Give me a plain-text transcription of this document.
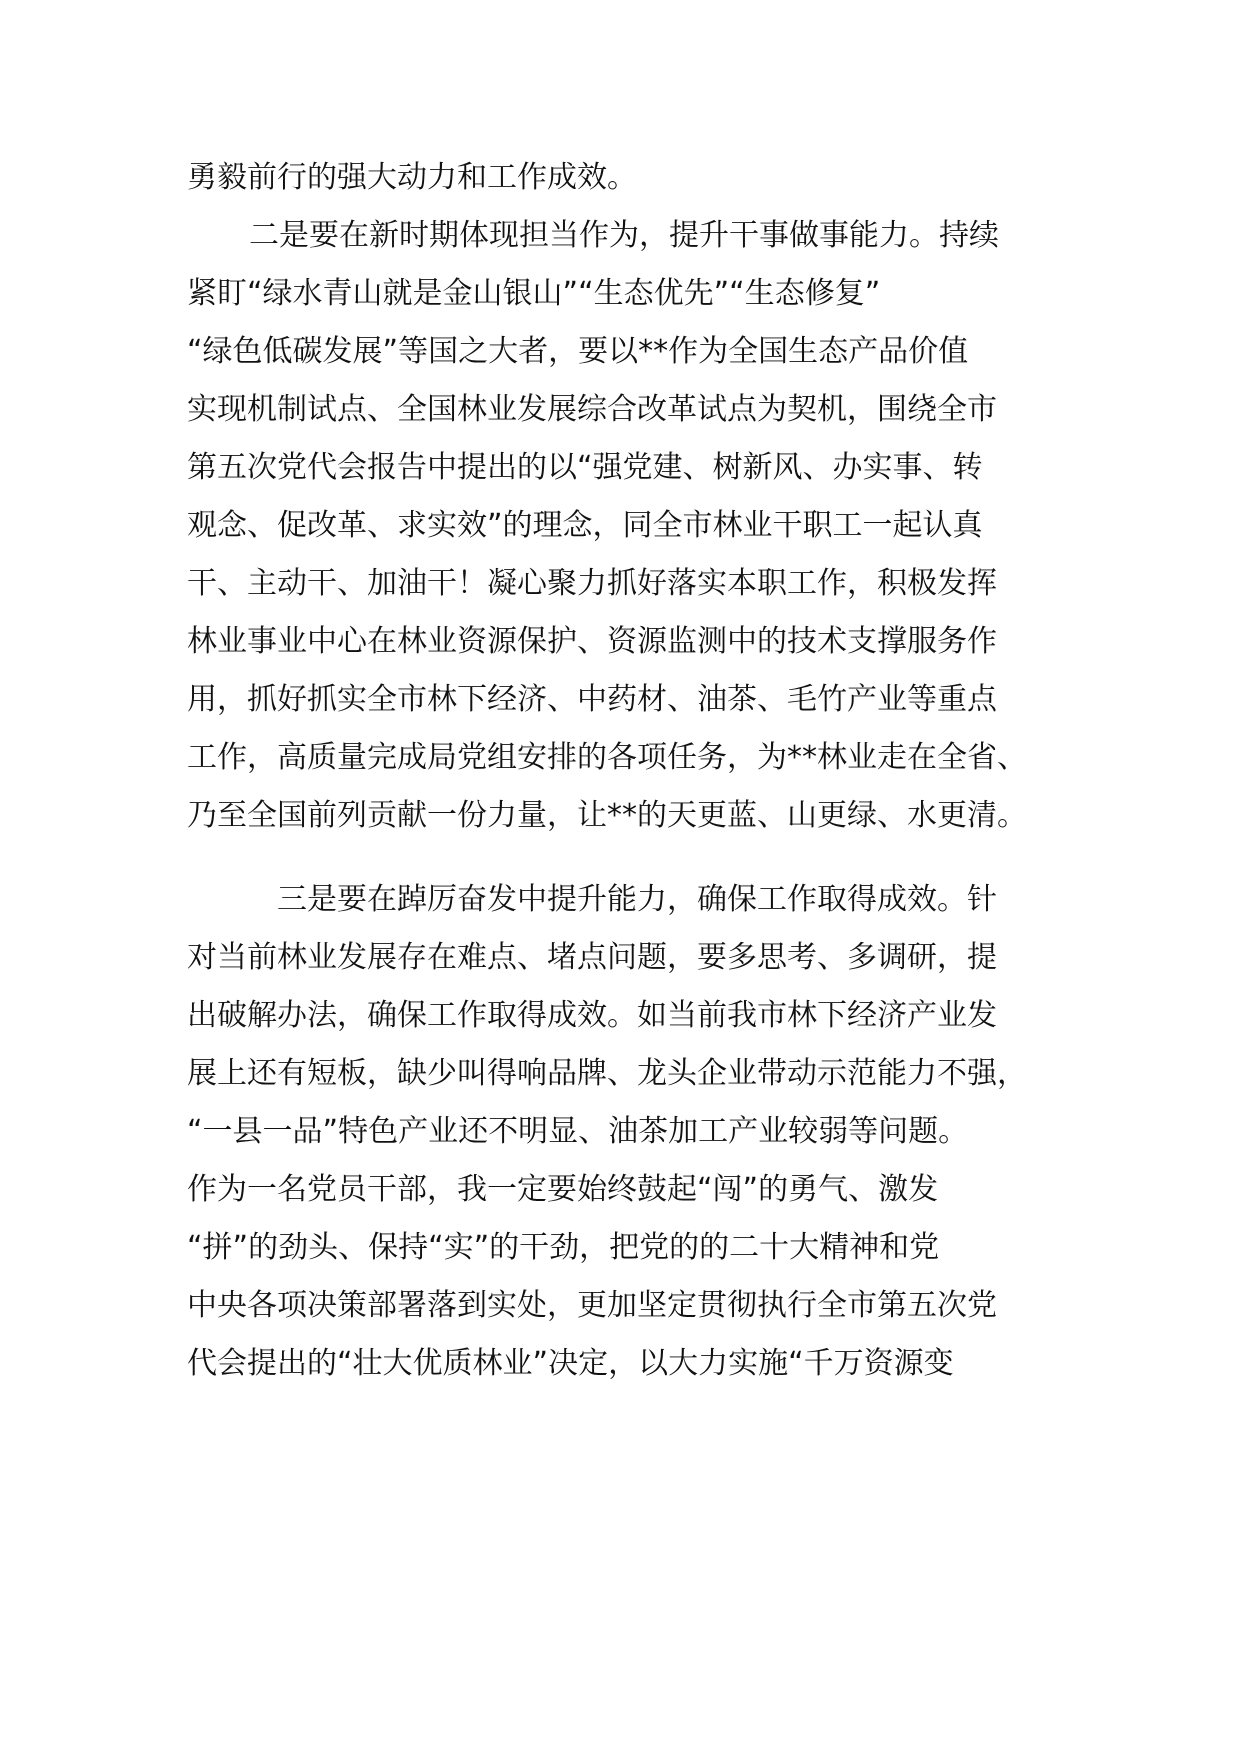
勇毅前行的强大动力和工作成效。
二是要在新时期体现担当作为，提升干事做事能力。持续
紧盯“绿水青山就是金山银山”“生态优先”“生态修复”
“绿色低碳发展”等国之大者，要以**作为全国生态产品价值
实现机制试点、全国林业发展综合改革试点为契机，围绕全市
第五次党代会报告中提出的以“强党建、树新风、办实事、转
观念、促改革、求实效”的理念，同全市林业干职工一起认真
干、主动干、加油干！凝心聚力抓好落实本职工作，积极发挥
林业事业中心在林业资源保护、资源监测中的技术支撑服务作
用，抓好抓实全市林下经济、中药材、油茶、毛竹产业等重点
工作，高质量完成局党组安排的各项任务，为**林业走在全省、
乃至全国前列贡献一份力量，让**的天更蓝、山更绿、水更清。
三是要在踔厉奋发中提升能力，确保工作取得成效。针
对当前林业发展存在难点、堵点问题，要多思考、多调研，提
出破解办法，确保工作取得成效。如当前我市林下经济产业发
展上还有短板，缺少叫得响品牌、龙头企业带动示范能力不强，
“一县一品”特色产业还不明显、油茶加工产业较弱等问题。
作为一名党员干部，我一定要始终鼓起“闯”的勇气、激发
“拼”的劲头、保持“实”的干劲，把党的的二十大精神和党
中央各项决策部署落到实处，更加坚定贯彻执行全市第五次党
代会提出的“壮大优质林业”决定，以大力实施“千万资源变
